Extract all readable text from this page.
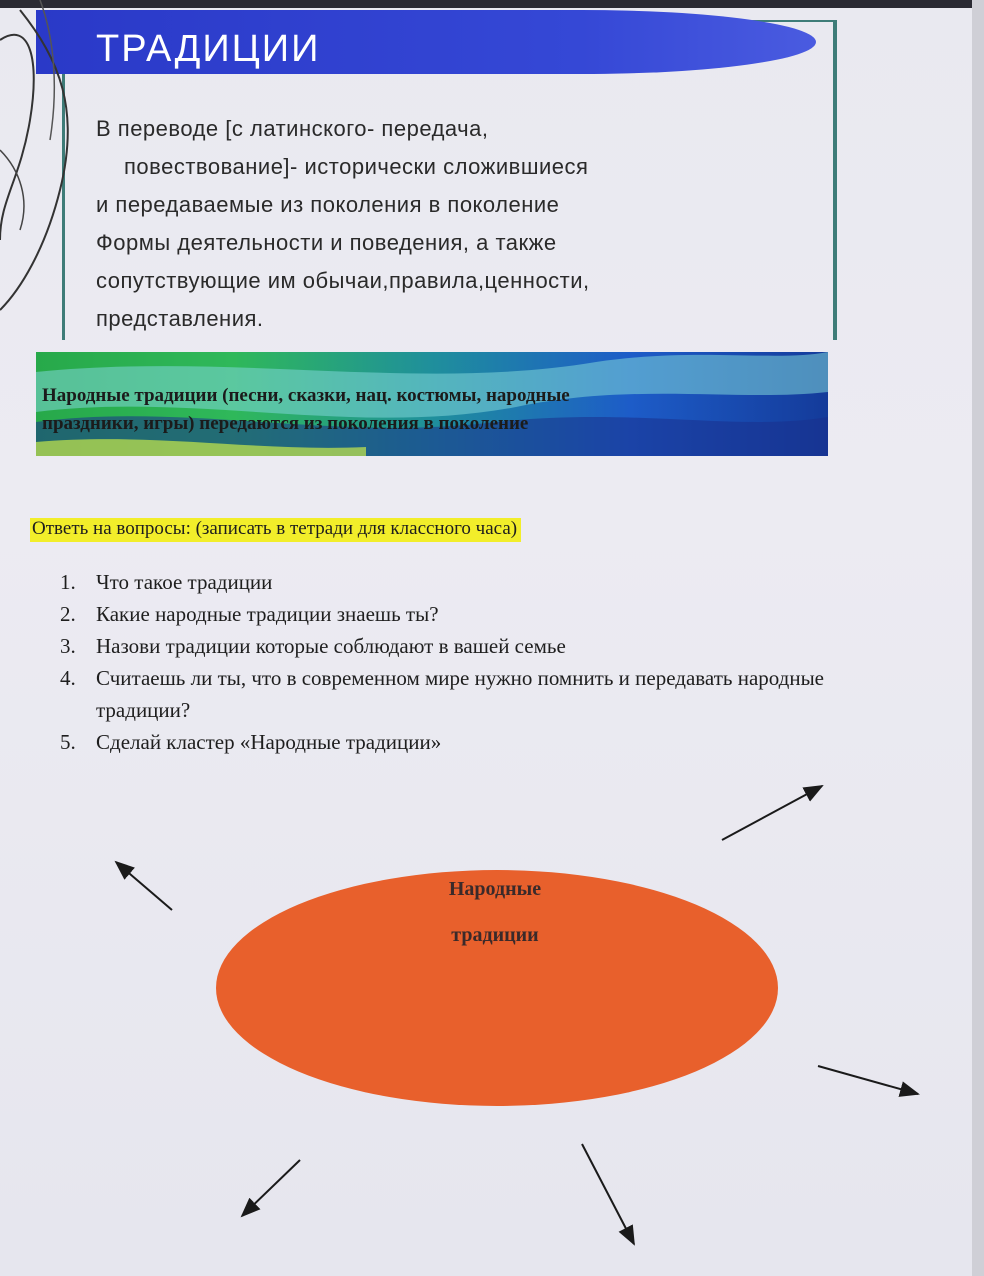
ТРАДИЦИИ
В переводе [с латинского- передача,
повествование]- исторически сложившиеся
и передаваемые из поколения в поколение
Формы деятельности и поведения, а также
сопутствующие им обычаи,правила,ценности,
представления.
Народные традиции (песни, сказки, нац. костюмы, народные
праздники, игры) передаются из поколения в поколение
Ответь на вопросы: (записать в тетради для классного часа)
1. Что такое традиции
2. Какие народные традиции знаешь ты?
3. Назови традиции которые соблюдают в вашей семье
4. Считаешь ли ты, что в современном мире нужно помнить и передавать народные традиции?
5. Сделай кластер «Народные традиции»
Народные
традиции
